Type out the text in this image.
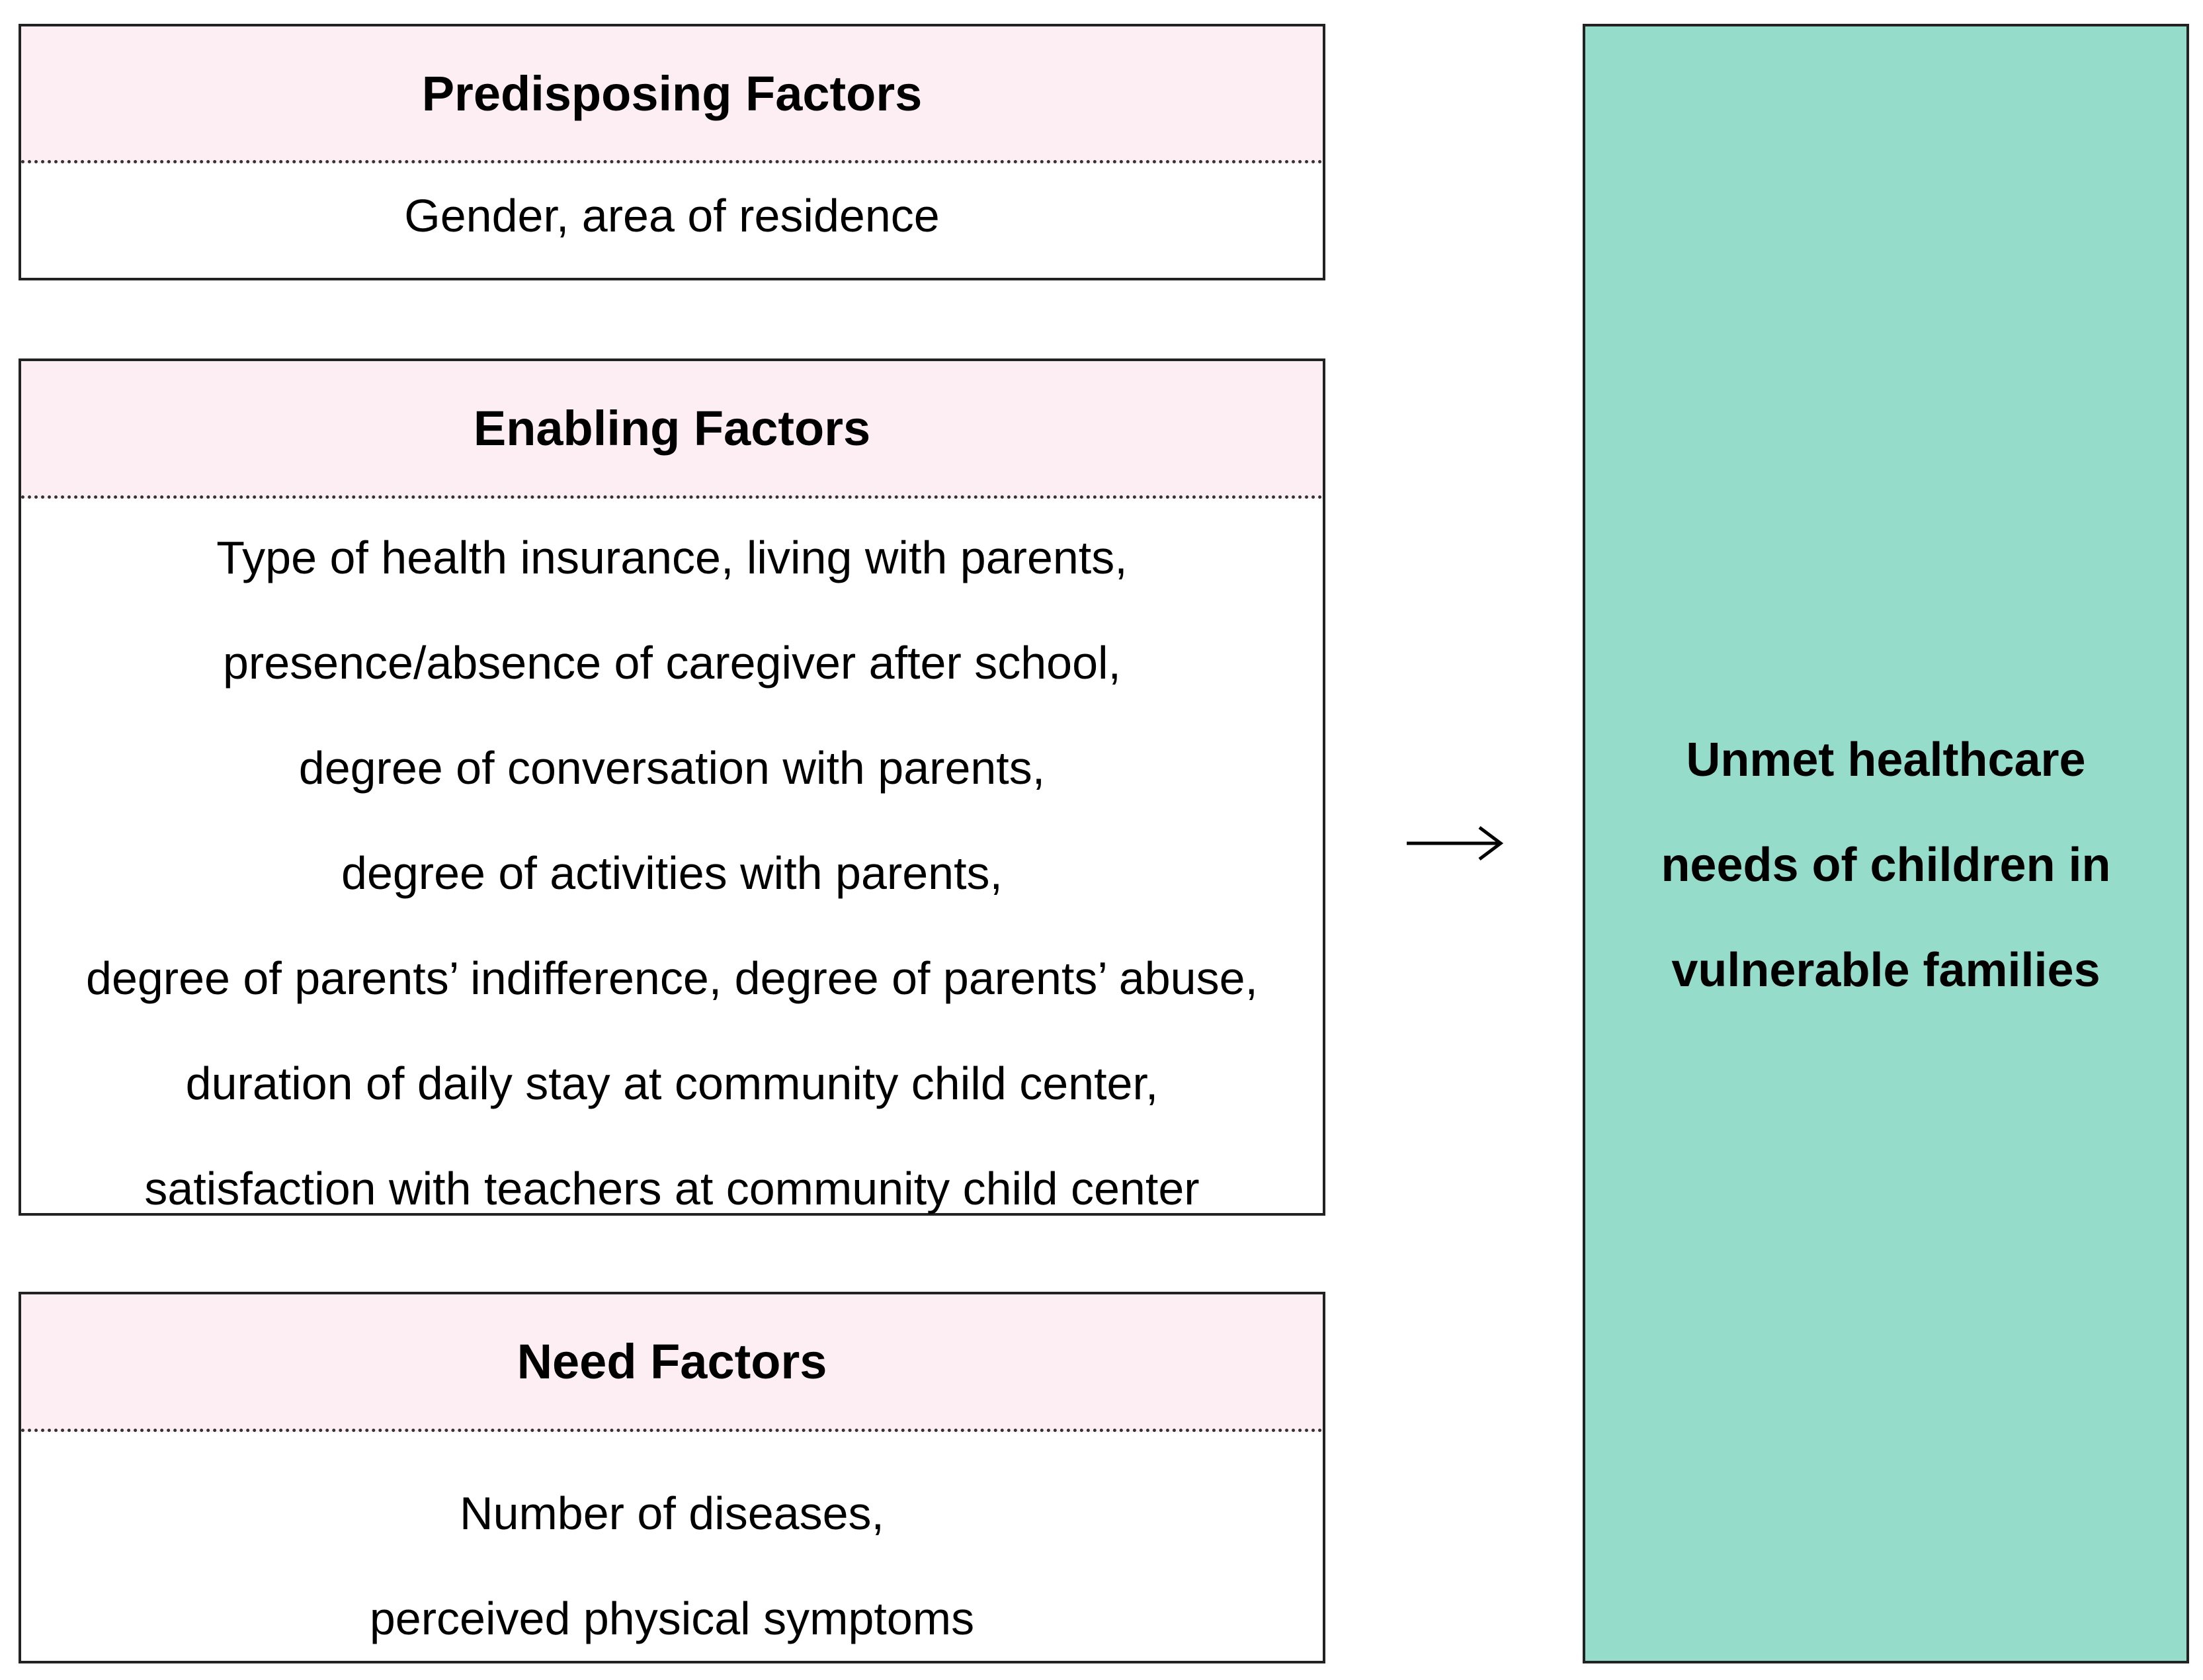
Predisposing Factors
Gender, area of residence
Enabling Factors
Type of health insurance, living with parents,
presence/absence of caregiver after school,
degree of conversation with parents,
degree of activities with parents,
degree of parents’ indifference, degree of parents’ abuse,
duration of daily stay at community child center,
satisfaction with teachers at community child center
Need Factors
Number of diseases,
perceived physical symptoms
Unmet healthcare
needs of children in
vulnerable families
